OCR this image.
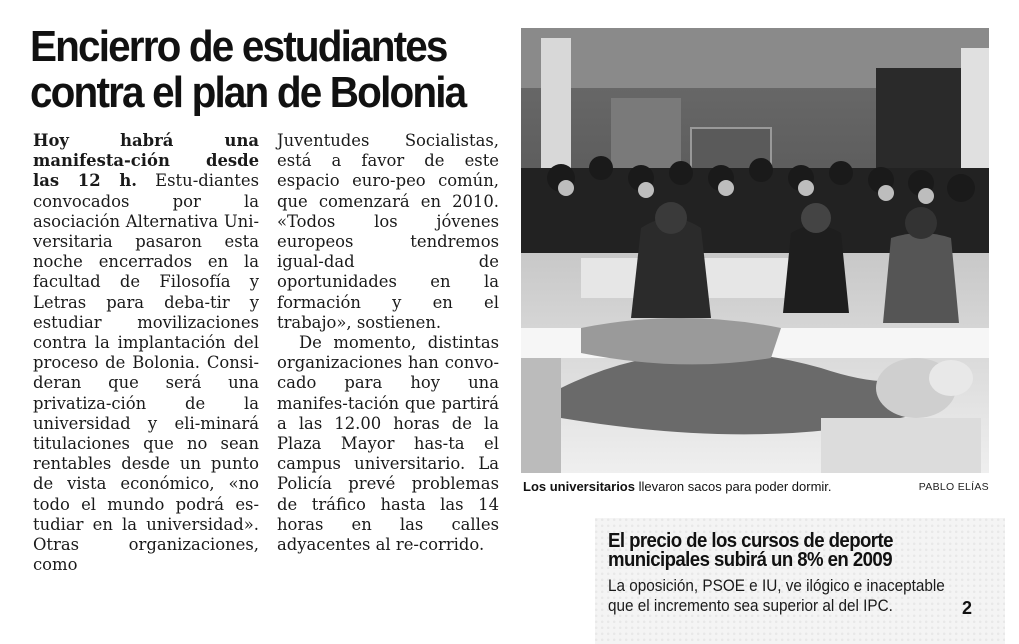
Encierro de estudiantes
contra el plan de Bolonia

Hoy habrá una manifesta-ción desde las 12 h. Estu-diantes convocados por la asociación Alternativa Uni-versitaria pasaron esta noche encerrados en la facultad de Filosofía y Letras para deba-tir y estudiar movilizaciones contra la implantación del proceso de Bolonia. Consi-deran que será una privatiza-ción de la universidad y eli-minará titulaciones que no sean rentables desde un punto de vista económico, «no todo el mundo podrá es-tudiar en la universidad». Otras organizaciones, como

Juventudes Socialistas, está a favor de este espacio euro-peo común, que comenzará en 2010. «Todos los jóvenes europeos tendremos igual-dad de oportunidades en la formación y en el trabajo», sostienen.

De momento, distintas organizaciones han convo-cado para hoy una manifes-tación que partirá a las 12.00 horas de la Plaza Mayor has-ta el campus universitario. La Policía prevé problemas de tráfico hasta las 14 horas en las calles adyacentes al re-corrido.

Los universitarios llevaron sacos para poder dormir.	PABLO ELÍAS
El precio de los cursos de deporte municipales subirá un 8% en 2009
La oposición, PSOE e IU, ve ilógico e inaceptable que el incremento sea superior al del IPC.	2
